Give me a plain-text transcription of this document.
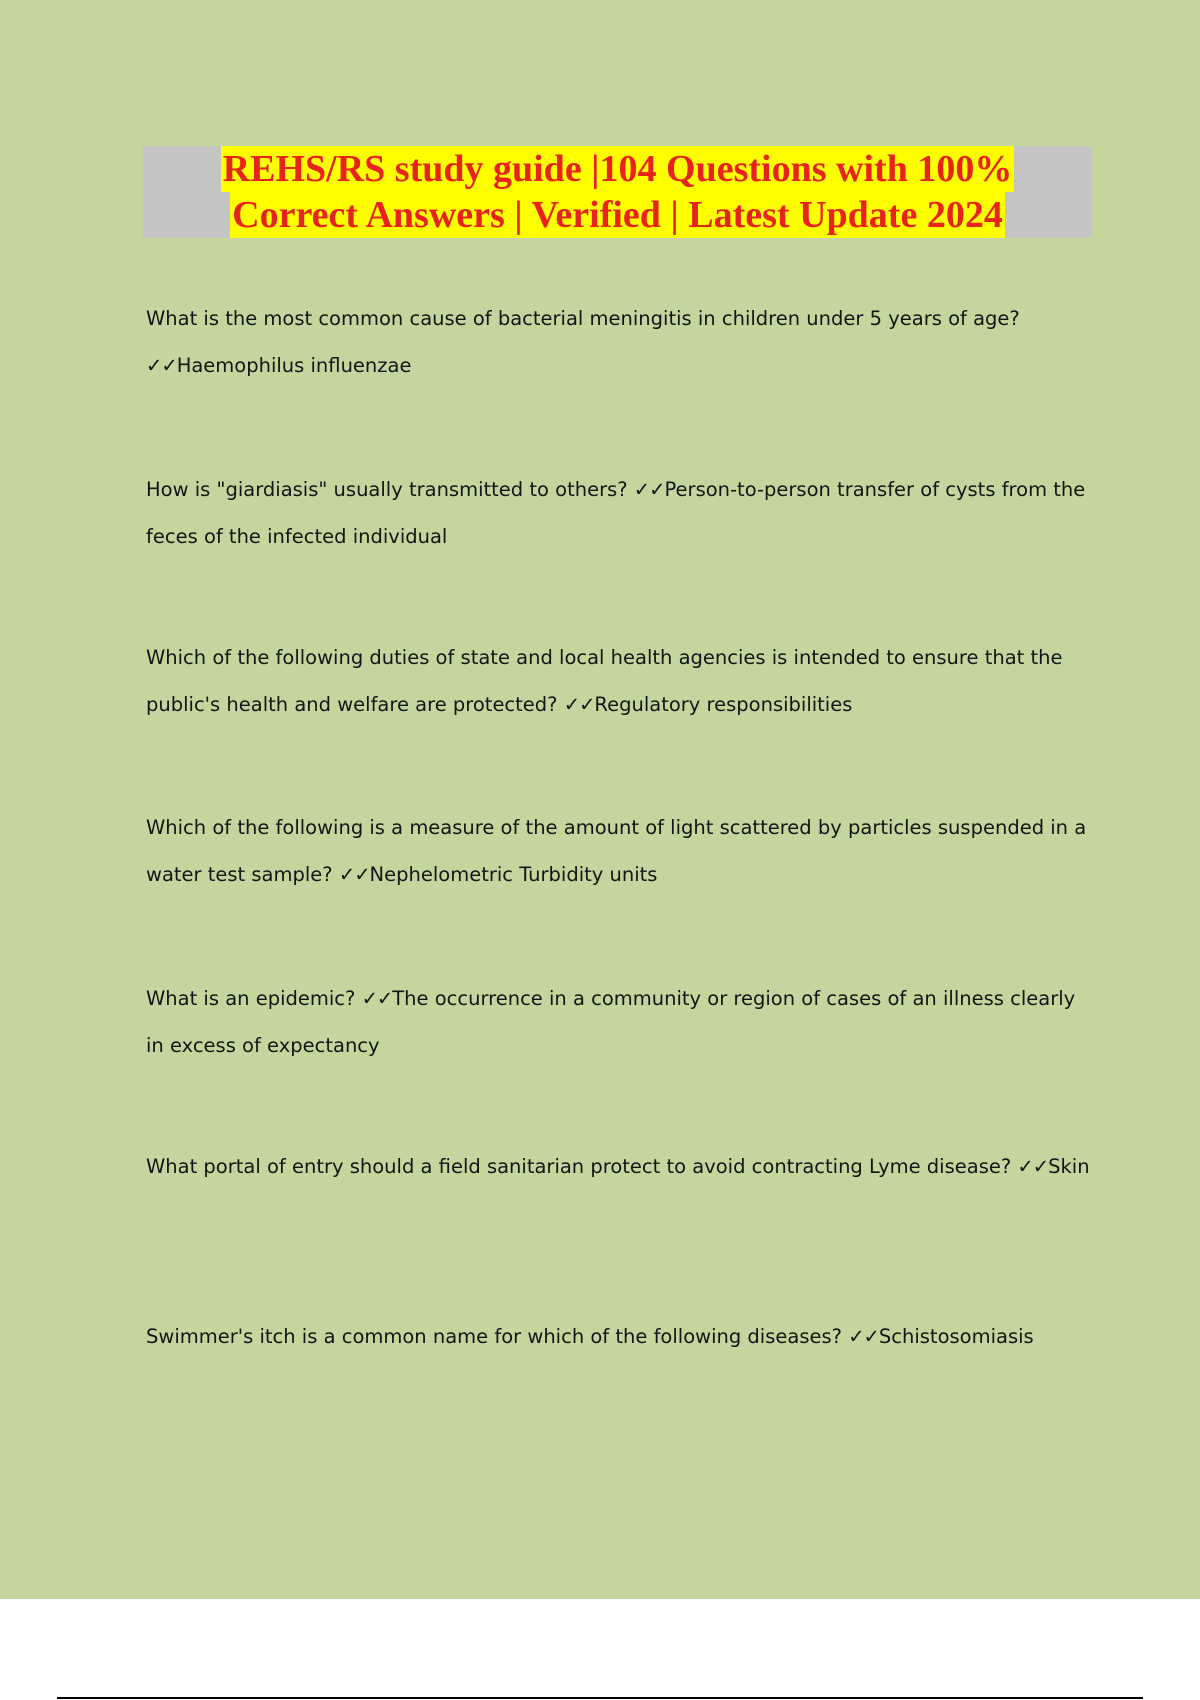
REHS/RS study guide |104 Questions with 100%
Correct Answers | Verified | Latest Update 2024
What is the most common cause of bacterial meningitis in children under 5 years of age? ✓✓Haemophilus influenzae
How is "giardiasis" usually transmitted to others? ✓✓Person-to-person transfer of cysts from the feces of the infected individual
Which of the following duties of state and local health agencies is intended to ensure that the public's health and welfare are protected? ✓✓Regulatory responsibilities
Which of the following is a measure of the amount of light scattered by particles suspended in a water test sample? ✓✓Nephelometric Turbidity units
What is an epidemic? ✓✓The occurrence in a community or region of cases of an illness clearly in excess of expectancy
What portal of entry should a field sanitarian protect to avoid contracting Lyme disease? ✓✓Skin
Swimmer's itch is a common name for which of the following diseases? ✓✓Schistosomiasis
